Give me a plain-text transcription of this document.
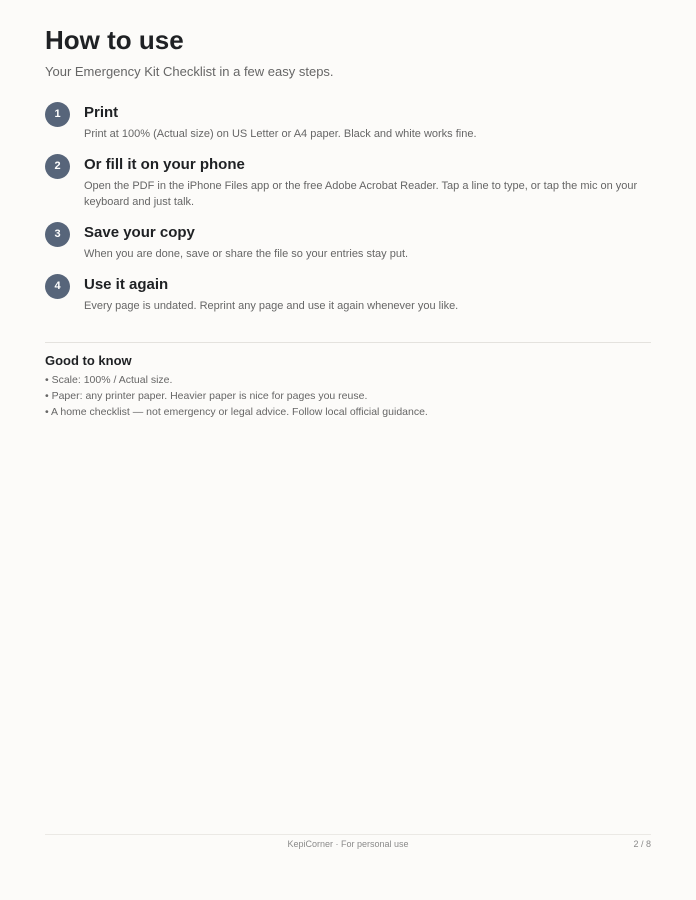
How to use
Your Emergency Kit Checklist in a few easy steps.
1	Print
Print at 100% (Actual size) on US Letter or A4 paper. Black and white works fine.
2	Or fill it on your phone
Open the PDF in the iPhone Files app or the free Adobe Acrobat Reader. Tap a line to type, or tap the mic on your keyboard and just talk.
3	Save your copy
When you are done, save or share the file so your entries stay put.
4	Use it again
Every page is undated. Reprint any page and use it again whenever you like.
Good to know
• Scale: 100% / Actual size.
• Paper: any printer paper. Heavier paper is nice for pages you reuse.
• A home checklist — not emergency or legal advice. Follow local official guidance.
KepiCorner · For personal use	2 / 8
